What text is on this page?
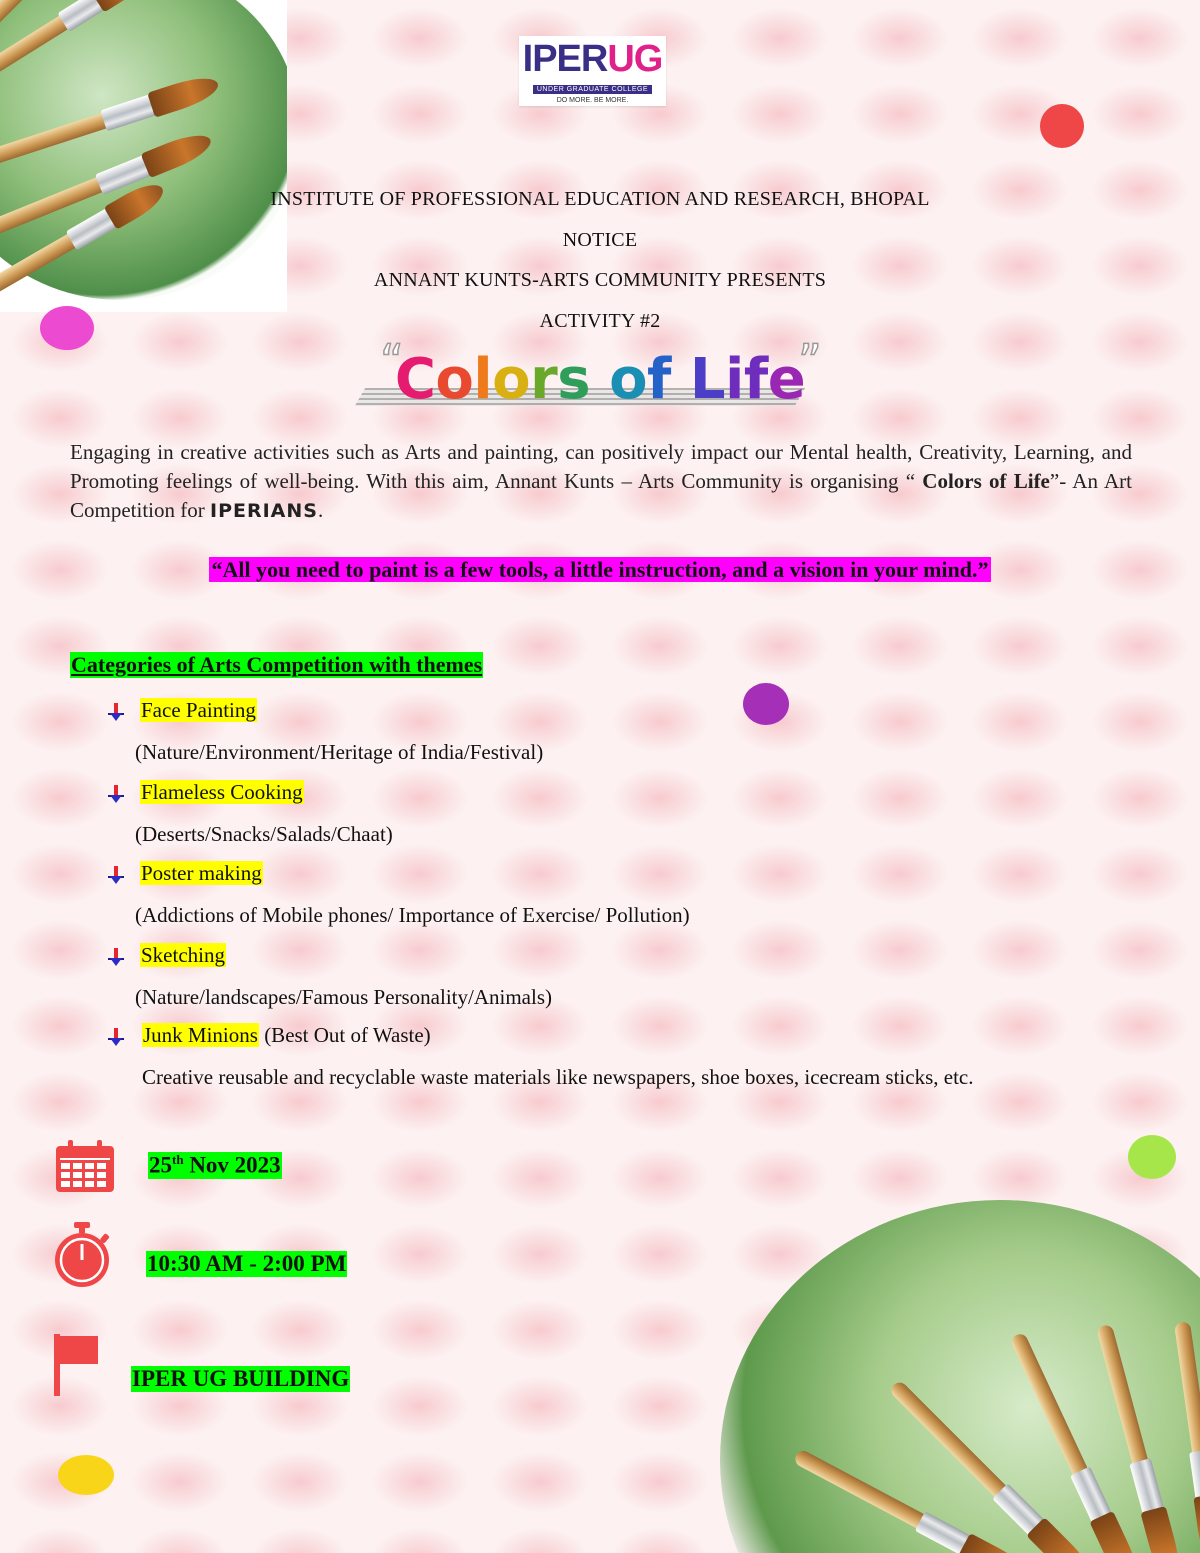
IPERUG
UNDER GRADUATE COLLEGE
DO MORE. BE MORE.
INSTITUTE OF PROFESSIONAL EDUCATION AND RESEARCH, BHOPAL
NOTICE
ANNANT KUNTS-ARTS COMMUNITY PRESENTS
ACTIVITY #2
“
Colors of Life
”
Engaging in creative activities such as Arts and painting, can positively impact our Mental health, Creativity, Learning, and Promoting feelings of well-being. With this aim, Annant Kunts – Arts Community is organising “ Colors of Life”- An Art Competition for IPERIANS.
“All you need to paint is a few tools, a little instruction, and a vision in your mind.”
Categories of Arts Competition with themes
Face Painting
(Nature/Environment/Heritage of India/Festival)
Flameless Cooking
(Deserts/Snacks/Salads/Chaat)
Poster making
(Addictions of Mobile phones/ Importance of Exercise/ Pollution)
Sketching
(Nature/landscapes/Famous Personality/Animals)
Junk Minions (Best Out of Waste)
Creative reusable and recyclable waste materials like newspapers, shoe boxes, icecream sticks, etc.
25th Nov 2023
10:30 AM - 2:00 PM
IPER UG BUILDING
